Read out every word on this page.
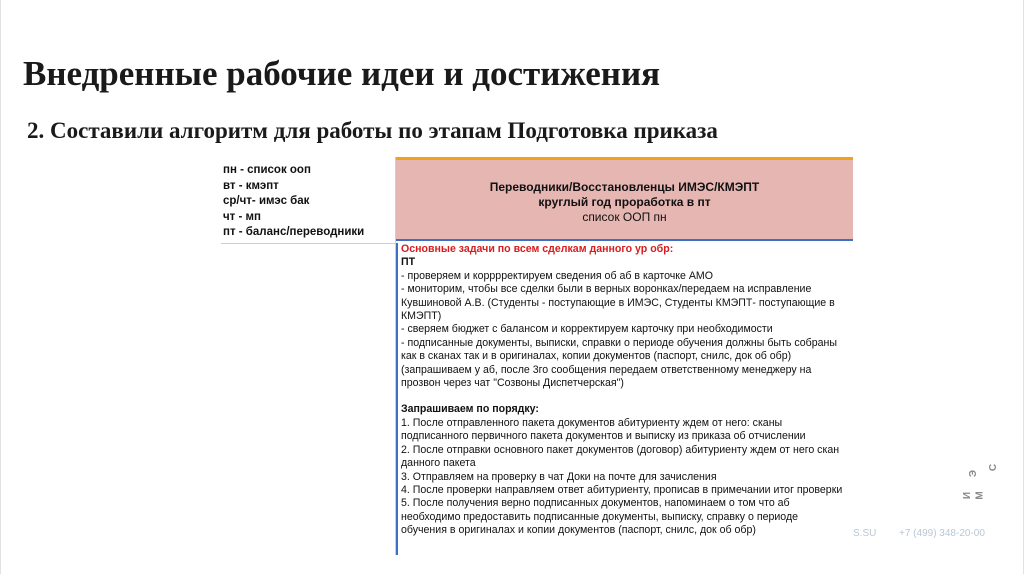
Внедренные рабочие идеи и достижения
2. Составили алгоритм для работы по этапам Подготовка приказа
пн - список ооп
вт - кмэпт
ср/чт- имэс бак
чт - мп
пт - баланс/переводники
Переводники/Восстановленцы ИМЭС/КМЭПТ
круглый год проработка в пт
список ООП пн
Основные задачи по всем сделкам данного ур обр:
ПТ
- проверяем и корррректируем сведения об аб в карточке АМО
- мониторим, чтобы все сделки были в верных воронках/передаем на исправление
Кувшиновой А.В. (Студенты - поступающие в ИМЭС, Студенты КМЭПТ- поступающие в
КМЭПТ)
- сверяем бюджет с балансом и корректируем карточку при необходимости
- подписанные документы, выписки, справки о периоде обучения должны быть собраны
как в сканах так и в оригиналах, копии документов (паспорт, снилс, док об обр)
(запрашиваем у аб, после 3го сообщения передаем ответственному менеджеру на
прозвон через чат "Созвоны Диспетчерская")
Запрашиваем по порядку:
1. После отправленного пакета документов абитуриенту ждем от него: сканы
подписанного первичного пакета документов и выписку из приказа об отчислении
2. После отправки основного пакет документов (договор) абитуриенту ждем от него скан
данного пакета
3. Отправляем на проверку в чат Доки на почте для зачисления
4. После проверки направляем ответ абитуриенту, прописав в примечании итог проверки
5. После получения верно подписанных документов, напоминаем о том что аб
необходимо предоставить подписанные документы, выписку, справку о периоде
обучения в оригиналах и копии документов (паспорт, снилс, док об обр)	S.SU +7 (499) 348-20-00
И М
Э
С
